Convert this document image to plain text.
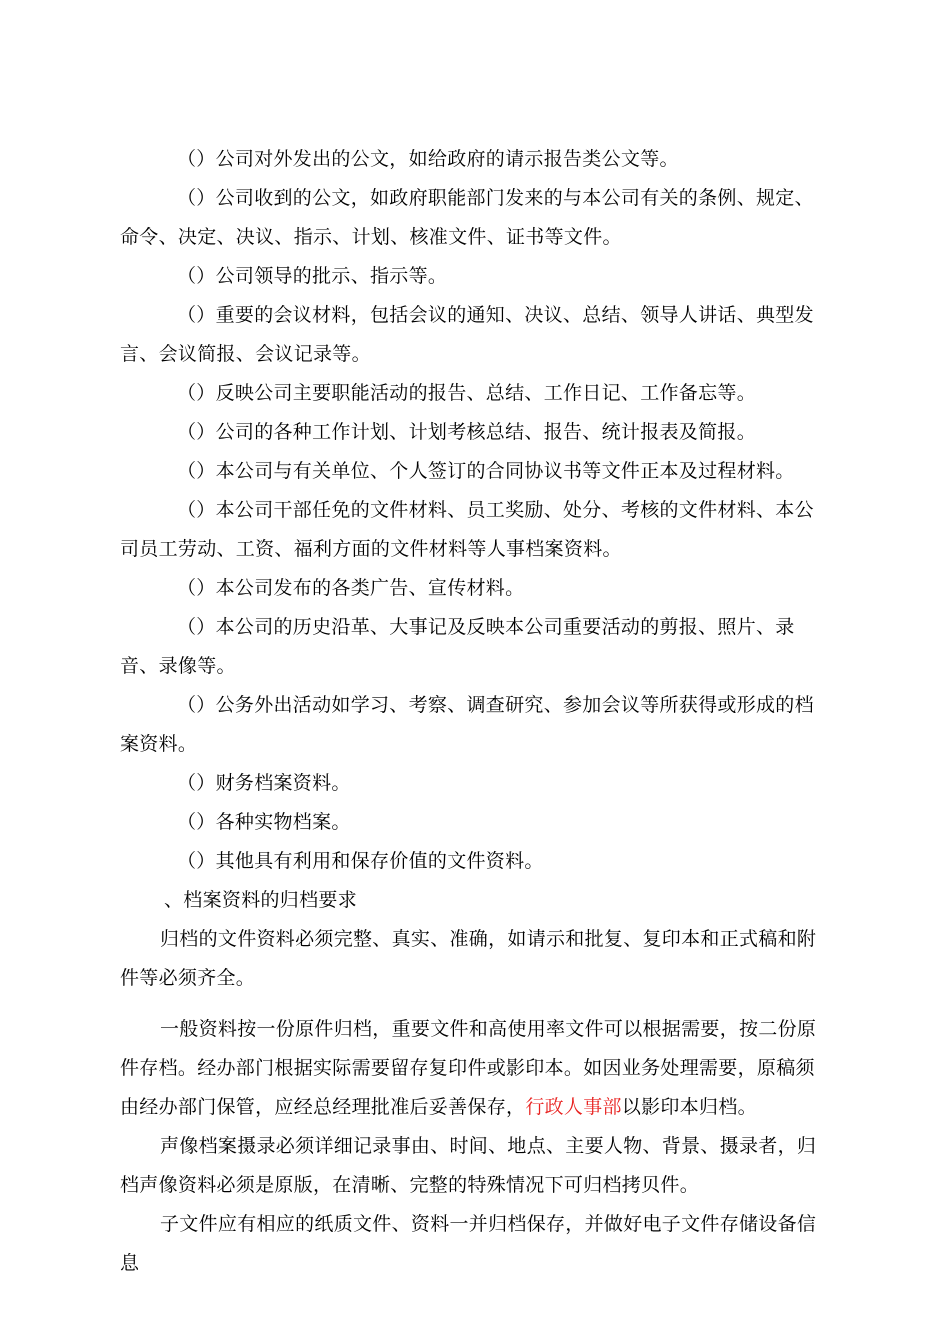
（）公司对外发出的公文，如给政府的请示报告类公文等。
（）公司收到的公文，如政府职能部门发来的与本公司有关的条例、规定、命令、决定、决议、指示、计划、核准文件、证书等文件。
（）公司领导的批示、指示等。
（）重要的会议材料，包括会议的通知、决议、总结、领导人讲话、典型发言、会议简报、会议记录等。
（）反映公司主要职能活动的报告、总结、工作日记、工作备忘等。
（）公司的各种工作计划、计划考核总结、报告、统计报表及简报。
（）本公司与有关单位、个人签订的合同协议书等文件正本及过程材料。
（）本公司干部任免的文件材料、员工奖励、处分、考核的文件材料、本公司员工劳动、工资、福利方面的文件材料等人事档案资料。
（）本公司发布的各类广告、宣传材料。
（）本公司的历史沿革、大事记及反映本公司重要活动的剪报、照片、录音、录像等。
（）公务外出活动如学习、考察、调查研究、参加会议等所获得或形成的档案资料。
（）财务档案资料。
（）各种实物档案。
（）其他具有利用和保存价值的文件资料。
、档案资料的归档要求
归档的文件资料必须完整、真实、准确，如请示和批复、复印本和正式稿和附件等必须齐全。
一般资料按一份原件归档，重要文件和高使用率文件可以根据需要，按二份原件存档。经办部门根据实际需要留存复印件或影印本。如因业务处理需要，原稿须由经办部门保管，应经总经理批准后妥善保存，行政人事部以影印本归档。
声像档案摄录必须详细记录事由、时间、地点、主要人物、背景、摄录者，归档声像资料必须是原版，在清晰、完整的特殊情况下可归档拷贝件。
子文件应有相应的纸质文件、资料一并归档保存，并做好电子文件存储设备信息
